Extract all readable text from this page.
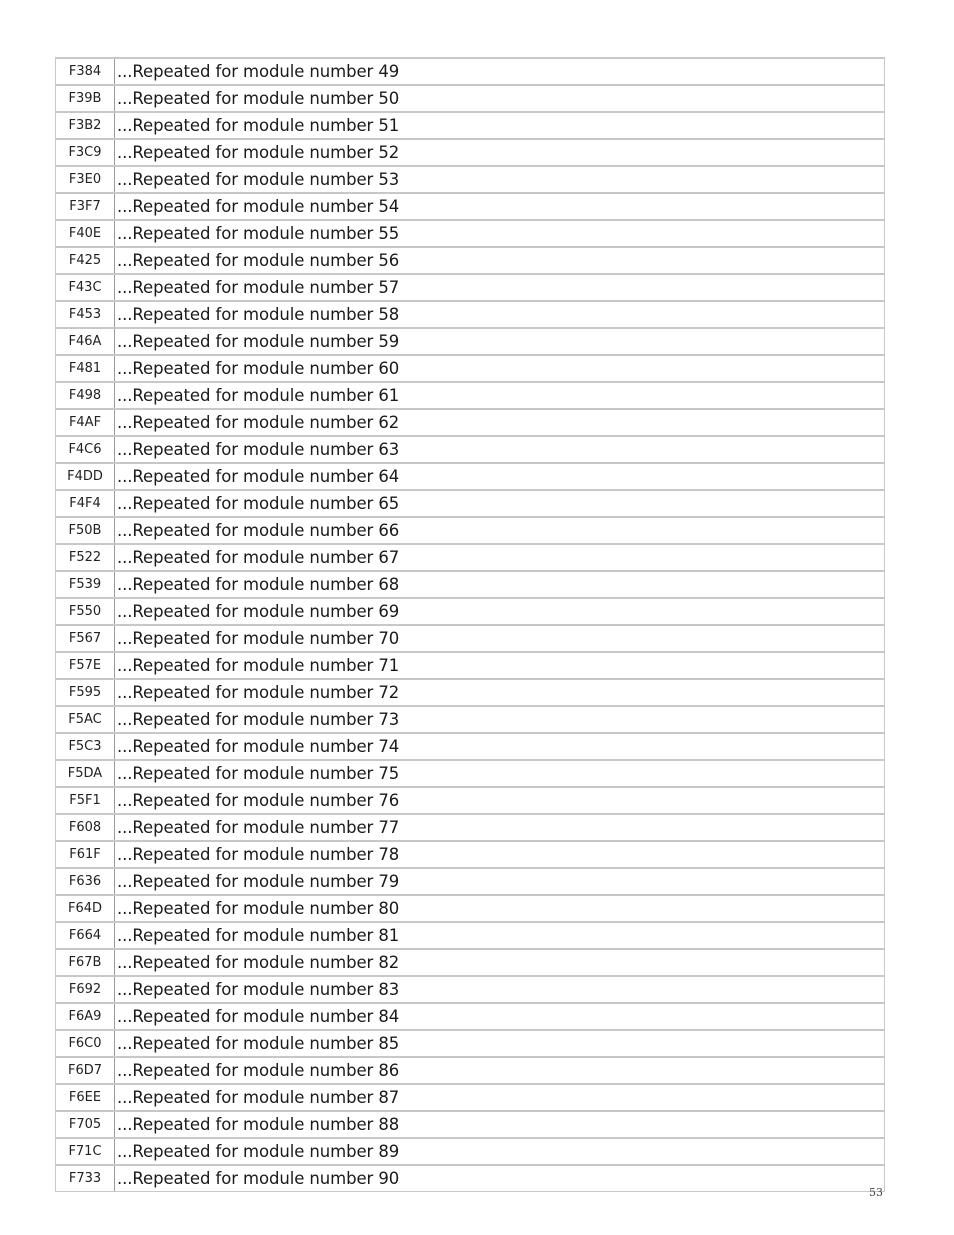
F384	...Repeated for module number 49
F39B	...Repeated for module number 50
F3B2	...Repeated for module number 51
F3C9	...Repeated for module number 52
F3E0	...Repeated for module number 53
F3F7	...Repeated for module number 54
F40E	...Repeated for module number 55
F425	...Repeated for module number 56
F43C	...Repeated for module number 57
F453	...Repeated for module number 58
F46A	...Repeated for module number 59
F481	...Repeated for module number 60
F498	...Repeated for module number 61
F4AF	...Repeated for module number 62
F4C6	...Repeated for module number 63
F4DD	...Repeated for module number 64
F4F4	...Repeated for module number 65
F50B	...Repeated for module number 66
F522	...Repeated for module number 67
F539	...Repeated for module number 68
F550	...Repeated for module number 69
F567	...Repeated for module number 70
F57E	...Repeated for module number 71
F595	...Repeated for module number 72
F5AC	...Repeated for module number 73
F5C3	...Repeated for module number 74
F5DA	...Repeated for module number 75
F5F1	...Repeated for module number 76
F608	...Repeated for module number 77
F61F	...Repeated for module number 78
F636	...Repeated for module number 79
F64D	...Repeated for module number 80
F664	...Repeated for module number 81
F67B	...Repeated for module number 82
F692	...Repeated for module number 83
F6A9	...Repeated for module number 84
F6C0	...Repeated for module number 85
F6D7	...Repeated for module number 86
F6EE	...Repeated for module number 87
F705	...Repeated for module number 88
F71C	...Repeated for module number 89
F733	...Repeated for module number 90
53
